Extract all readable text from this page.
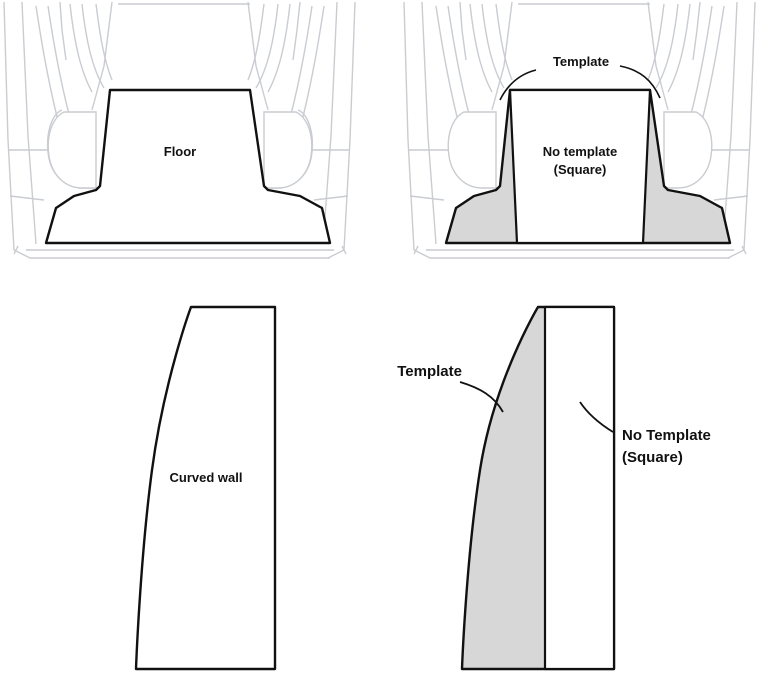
Floor
Template
No template
(Square)
Curved wall
Template
No Template
(Square)
